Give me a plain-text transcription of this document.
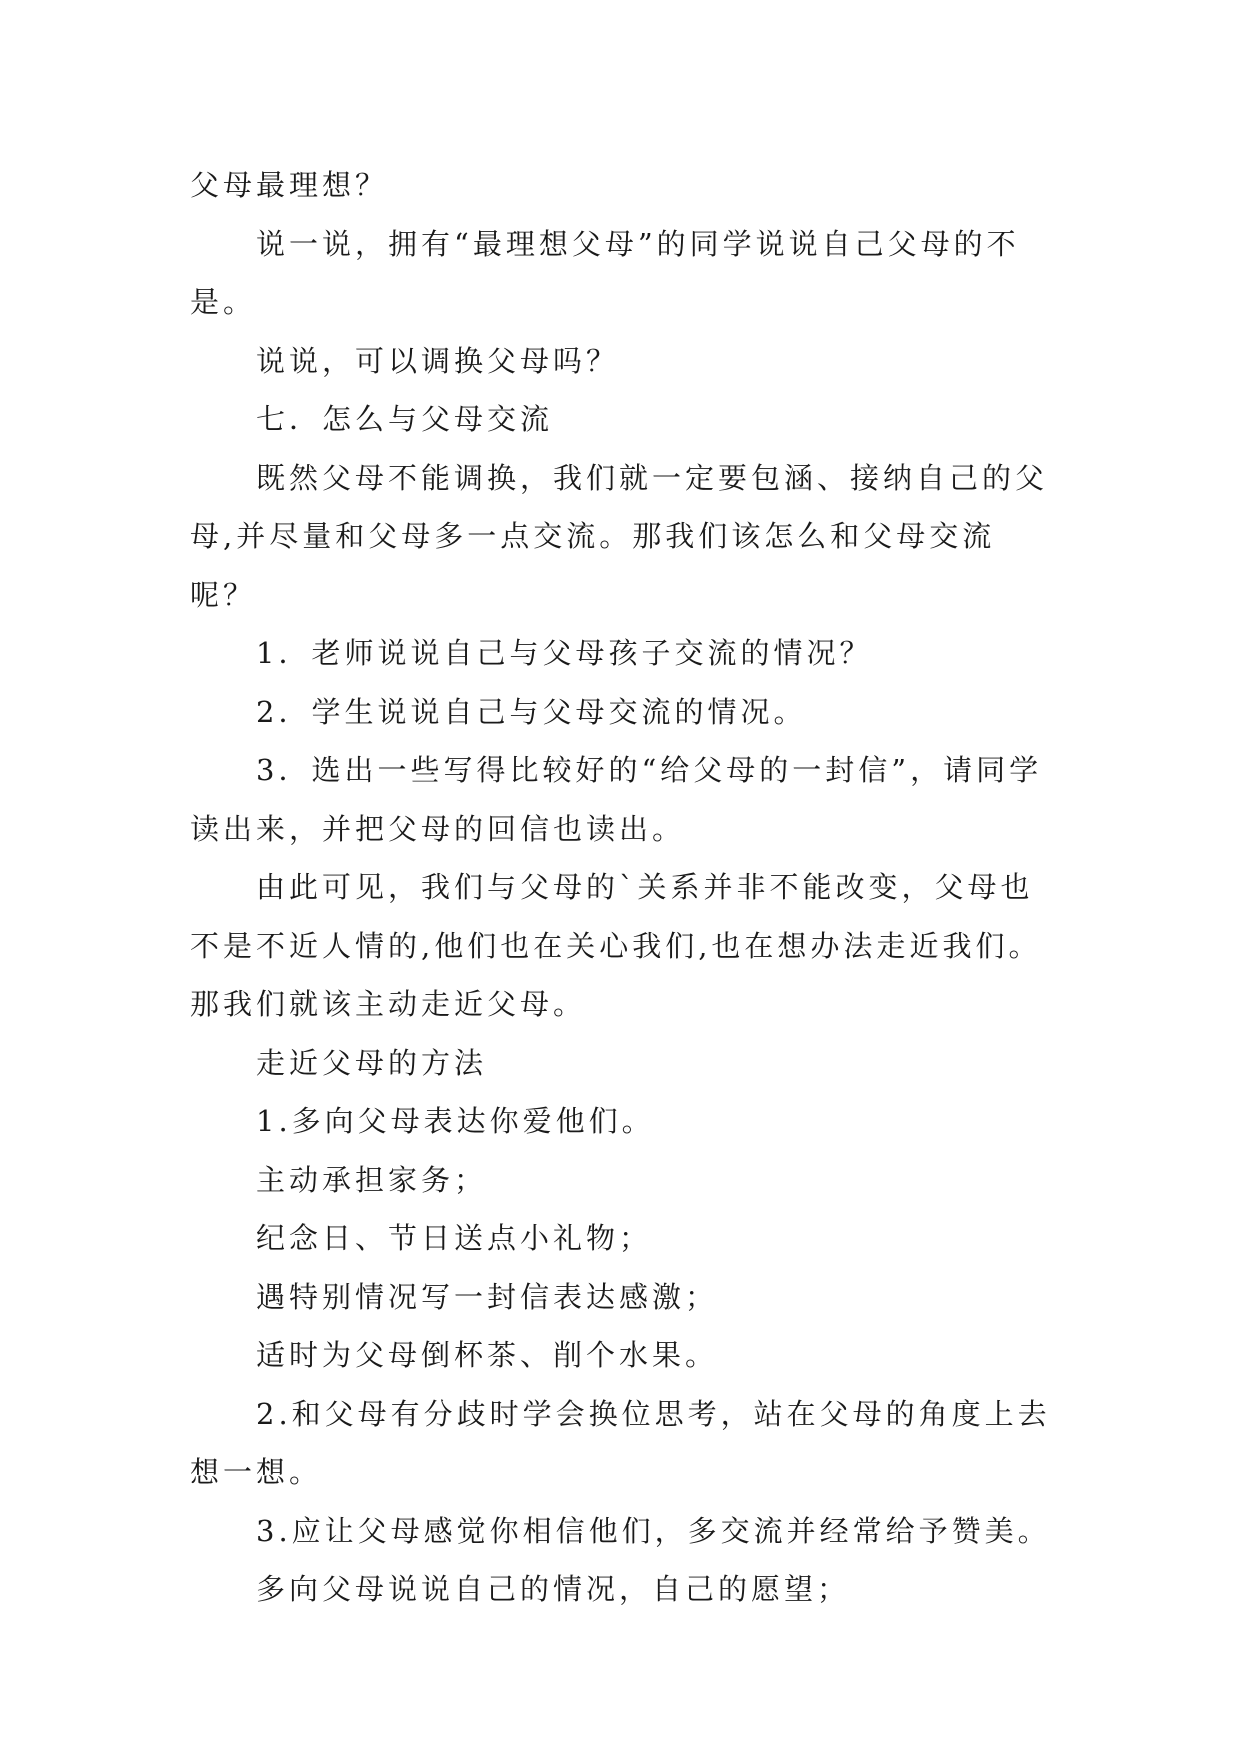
父母最理想？

说一说，拥有“最理想父母”的同学说说自己父母的不是。

说说，可以调换父母吗？

七．怎么与父母交流

既然父母不能调换，我们就一定要包涵、接纳自己的父母,并尽量和父母多一点交流。那我们该怎么和父母交流呢？

1．老师说说自己与父母孩子交流的情况？

2．学生说说自己与父母交流的情况。

3．选出一些写得比较好的“给父母的一封信”，请同学读出来，并把父母的回信也读出。

由此可见，我们与父母的`关系并非不能改变，父母也不是不近人情的,他们也在关心我们,也在想办法走近我们。那我们就该主动走近父母。

走近父母的方法

1.多向父母表达你爱他们。

主动承担家务；

纪念日、节日送点小礼物；

遇特别情况写一封信表达感激；

适时为父母倒杯茶、削个水果。

2.和父母有分歧时学会换位思考，站在父母的角度上去想一想。

3.应让父母感觉你相信他们，多交流并经常给予赞美。

多向父母说说自己的情况，自己的愿望；
